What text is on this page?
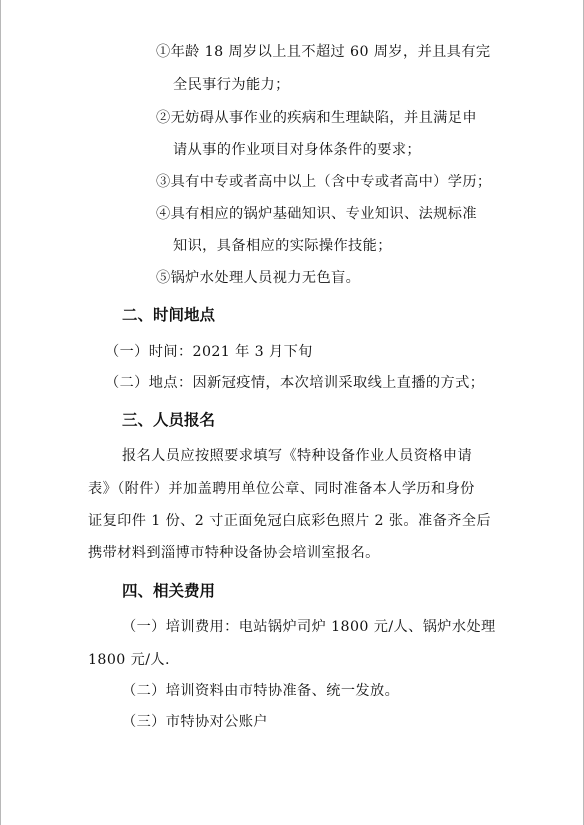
①年龄 18 周岁以上且不超过 60 周岁，并且具有完

全民事行为能力；

②无妨碍从事作业的疾病和生理缺陷，并且满足申

请从事的作业项目对身体条件的要求；

③具有中专或者高中以上（含中专或者高中）学历；

④具有相应的锅炉基础知识、专业知识、法规标准

知识，具备相应的实际操作技能；

⑤锅炉水处理人员视力无色盲。

二、时间地点

（一）时间：2021 年 3 月下旬

（二）地点：因新冠疫情，本次培训采取线上直播的方式；

三、人员报名

报名人员应按照要求填写《特种设备作业人员资格申请

表》（附件）并加盖聘用单位公章、同时准备本人学历和身份

证复印件 1 份、2 寸正面免冠白底彩色照片 2 张。准备齐全后

携带材料到淄博市特种设备协会培训室报名。

四、相关费用

（一）培训费用：电站锅炉司炉 1800 元/人、锅炉水处理

1800 元/人.

（二）培训资料由市特协准备、统一发放。

（三）市特协对公账户
